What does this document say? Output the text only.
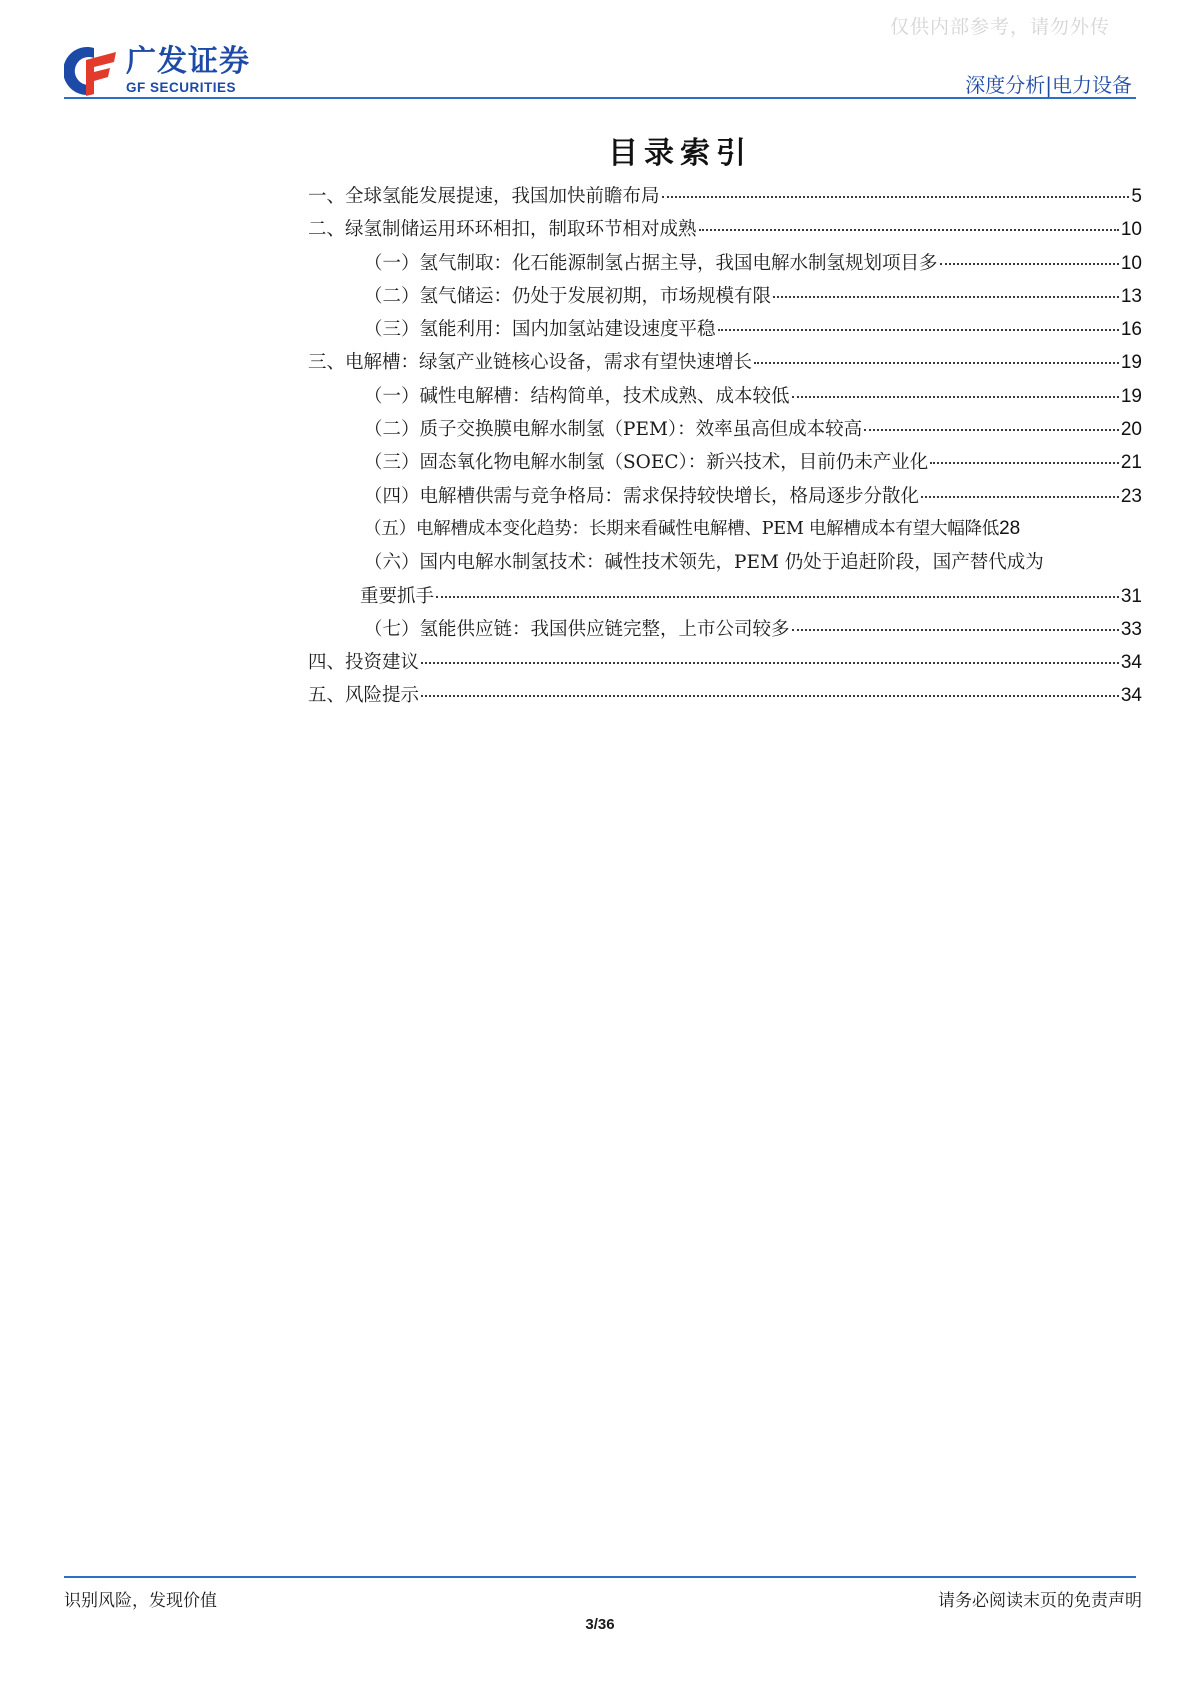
仅供内部参考，请勿外传
广发证券
GF SECURITIES	深度分析|电力设备
目录索引
一、全球氢能发展提速，我国加快前瞻布局	5
二、绿氢制储运用环环相扣，制取环节相对成熟	10
（一）氢气制取：化石能源制氢占据主导，我国电解水制氢规划项目多	10
（二）氢气储运：仍处于发展初期，市场规模有限	13
（三）氢能利用：国内加氢站建设速度平稳	16
三、电解槽：绿氢产业链核心设备，需求有望快速增长	19
（一）碱性电解槽：结构简单，技术成熟、成本较低	19
（二）质子交换膜电解水制氢（PEM）：效率虽高但成本较高	20
（三）固态氧化物电解水制氢（SOEC）：新兴技术，目前仍未产业化	21
（四）电解槽供需与竞争格局：需求保持较快增长，格局逐步分散化	23
（五）电解槽成本变化趋势：长期来看碱性电解槽、PEM 电解槽成本有望大幅降低 28
（六）国内电解水制氢技术：碱性技术领先，PEM 仍处于追赶阶段，国产替代成为
重要抓手	31
（七）氢能供应链：我国供应链完整，上市公司较多	33
四、投资建议	34
五、风险提示	34
识别风险，发现价值	请务必阅读末页的免责声明
3/36
